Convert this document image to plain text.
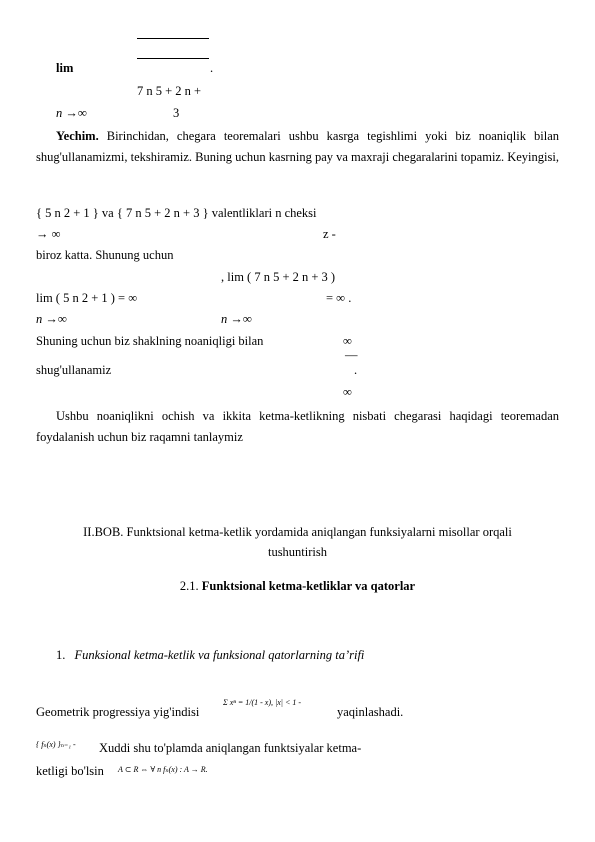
lim	.
7 n 5 + 2 n +
n →∞	3
Yechim. Birinchidan, chegara teoremalari ushbu kasrga tegishlimi yoki biz noaniqlik bilan shug'ullanamizmi, tekshiramiz. Buning uchun kasrning pay va maxraji chegaralarini topamiz. Keyingisi,
{ 5 n 2 + 1 } va { 7 n 5 + 2 n + 3 } valentliklari n cheksi
→ ∞	z -
biroz katta. Shunung uchun
, lim ( 7 n 5 + 2 n + 3 )
lim ( 5 n 2 + 1 ) = ∞	= ∞ .
n →∞	n →∞
Shuning uchun biz shaklning noaniqligi bilan	∞
—
shug'ullanamiz	.
∞
Ushbu noaniqlikni ochish va ikkita ketma-ketlikning nisbati chegarasi haqidagi teoremadan foydalanish uchun biz raqamni tanlaymiz
II.BOB. Funktsional ketma-ketlik yordamida aniqlangan funksiyalarni misollar orqali tushuntirish
2.1. Funktsional ketma-ketliklar va qatorlar
1. Funksional ketma-ketlik va funksional qatorlarning ta’rifi
Geometrik progressiya yig'indisi
Σ xⁿ = 1/(1 - x), |x| < 1 -
yaqinlashadi.
{ fₙ(x) }ₙ₌₁ - Xuddi shu to'plamda aniqlangan funktsiyalar ketma-
ketligi bo'lsin A ⊂ R ⇔ ∀ n fₙ(x) : A → R.
